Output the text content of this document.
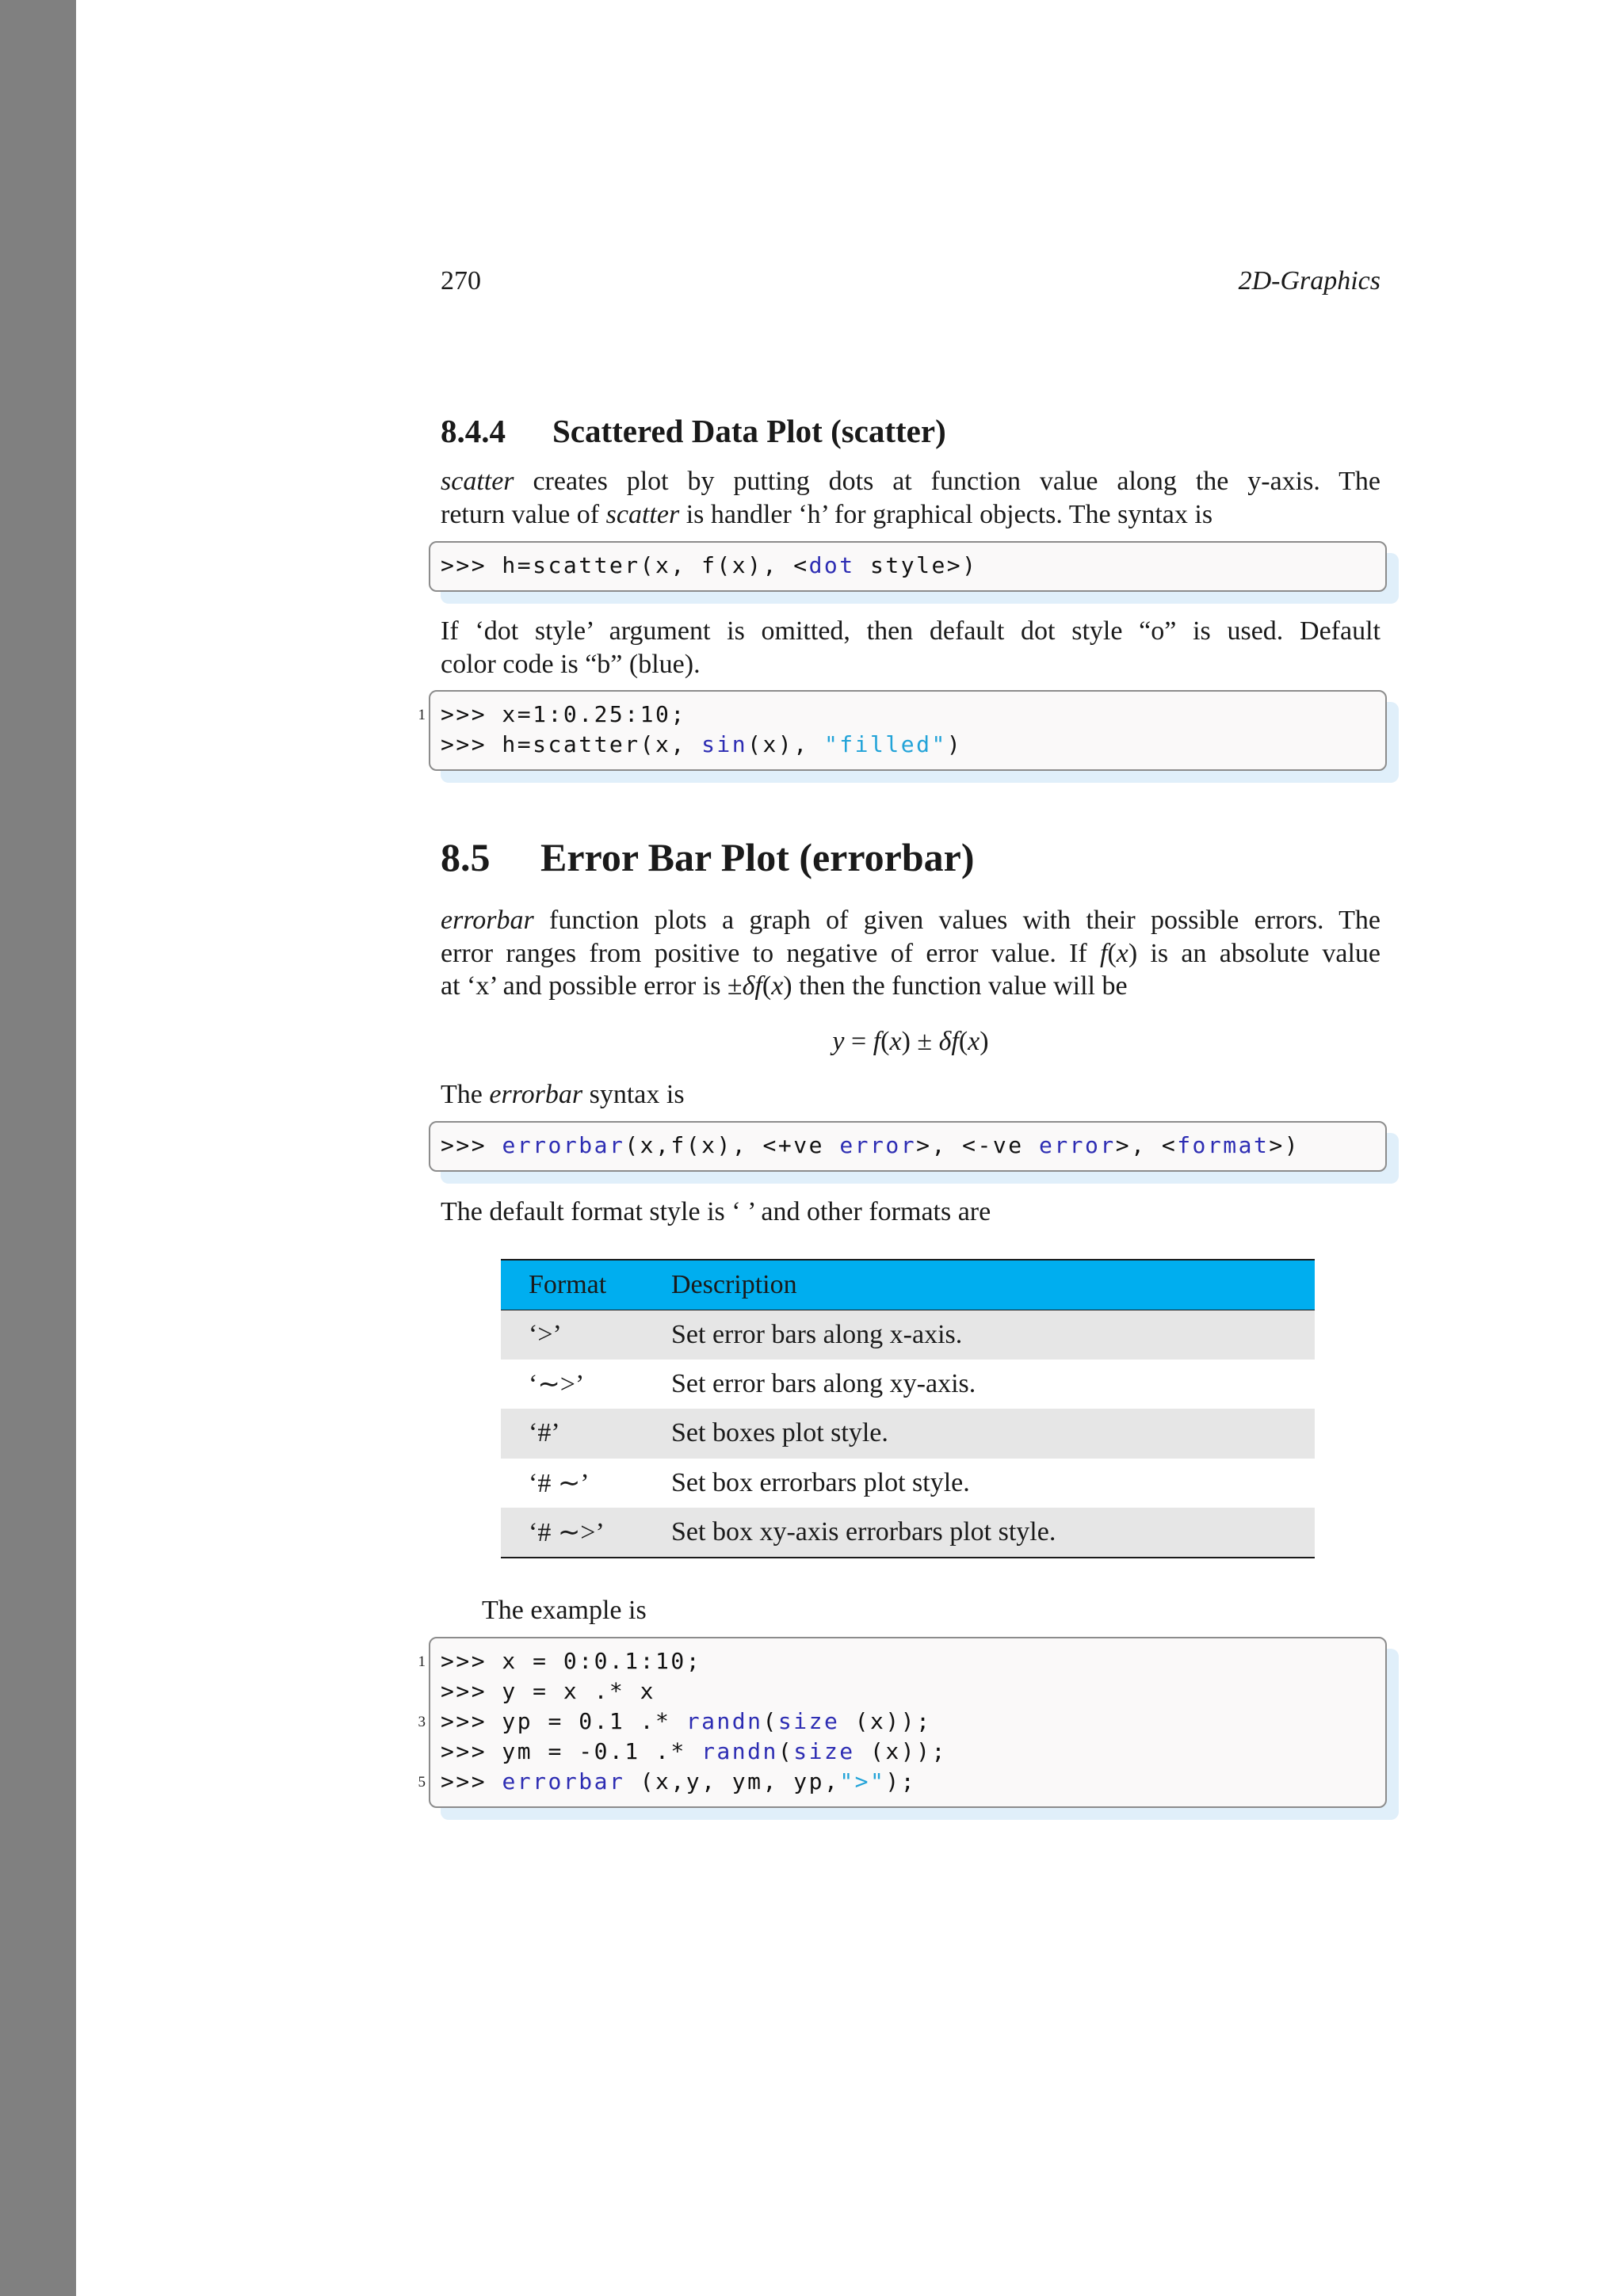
270	2D-Graphics
8.4.4 Scattered Data Plot (scatter)
scatter creates plot by putting dots at function value along the y-axis. The
return value of scatter is handler ‘h’ for graphical objects. The syntax is
>>> h=scatter(x, f(x), <dot style>)
If ‘dot style’ argument is omitted, then default dot style “o” is used. Default
color code is “b” (blue).
1 >>> x=1:0.25:10;
>>> h=scatter(x, sin(x), "filled")
8.5 Error Bar Plot (errorbar)
errorbar function plots a graph of given values with their possible errors. The
error ranges from positive to negative of error value. If f(x) is an absolute value
at ‘x’ and possible error is ±δf(x) then the function value will be
y = f(x) ± δf(x)
The errorbar syntax is
>>> errorbar(x,f(x), <+ve error>, <-ve error>, <format>)
The default format style is ‘ ’ and other formats are
Format	Description
‘>’	Set error bars along x-axis.
‘∼>’	Set error bars along xy-axis.
‘#’	Set boxes plot style.
‘# ∼’	Set box errorbars plot style.
‘# ∼>’	Set box xy-axis errorbars plot style.
The example is
1 >>> x = 0:0.1:10;
>>> y = x .* x
3 >>> yp = 0.1 .* randn(size (x));
>>> ym = -0.1 .* randn(size (x));
5 >>> errorbar (x,y, ym, yp,">");
